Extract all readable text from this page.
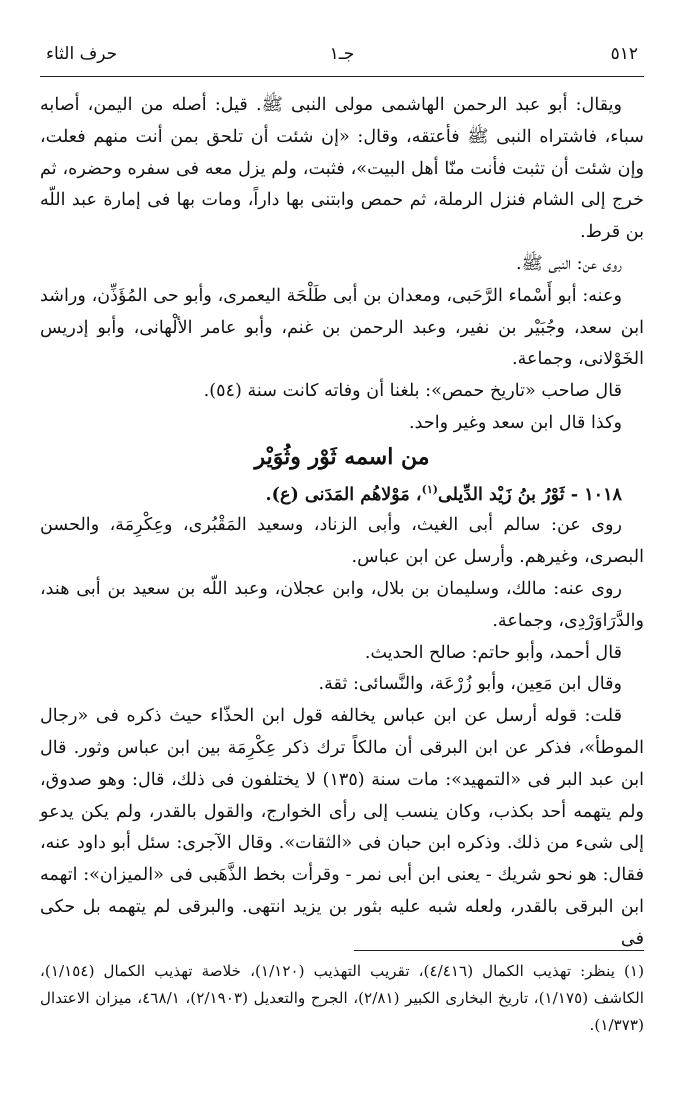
٥١٢
جـ١
حرف الثاء

ويقال: أبو عبد الرحمن الهاشمى مولى النبى ﷺ. قيل: أصله من اليمن، أصابه سباء، فاشتراه النبى ﷺ فأعتقه، وقال: «إن شئت أن تلحق بمن أنت منهم فعلت، وإن شئت أن تثبت فأنت منّا أهل البيت»، فثبت، ولم يزل معه فى سفره وحضره، ثم خرج إلى الشام فنزل الرملة، ثم حمص وابتنى بها داراً، ومات بها فى إمارة عبد اللّه بن قرط.

روى عن: النبى ﷺ.

وعنه: أبو أَسْماء الرَّحَبى، ومعدان بن أبى طَلْحَة اليعمرى، وأبو حى المُؤَذِّن، وراشد ابن سعد، وجُبَيْر بن نفير، وعبد الرحمن بن غنم، وأبو عامر الألْهانى، وأبو إدريس الخَوْلانى، وجماعة.

قال صاحب «تاريخ حمص»: بلغنا أن وفاته كانت سنة (٥٤).

وكذا قال ابن سعد وغير واحد.

من اسمه ثَوْر وثُوَيْر

١٠١٨ - ثَوْرُ بنُ زَيْد الدِّيلى$^{(١)}$، مَوْلاهُم المَدَنى (ع).

روى عن: سالم أبى الغيث، وأبى الزناد، وسعيد المَقْبُرى، وعِكْرِمَة، والحسن البصرى، وغيرهم. وأرسل عن ابن عباس.

روى عنه: مالك، وسليمان بن بلال، وابن عجلان، وعبد اللّه بن سعيد بن أبى هند، والدَّرَاوَرْدِى، وجماعة.

قال أحمد، وأبو حاتم: صالح الحديث.

وقال ابن مَعِين، وأبو زُرْعَة، والنَّسائى: ثقة.

قلت: قوله أرسل عن ابن عباس يخالفه قول ابن الحذّاء حيث ذكره فى «رجال الموطأ»، فذكر عن ابن البرقى أن مالكاً ترك ذكر عِكْرِمَة بين ابن عباس وثور. قال ابن عبد البر فى «التمهيد»: مات سنة (١٣٥) لا يختلفون فى ذلك، قال: وهو صدوق، ولم يتهمه أحد بكذب، وكان ينسب إلى رأى الخوارج، والقول بالقدر، ولم يكن يدعو إلى شىء من ذلك. وذكره ابن حبان فى «الثقات». وقال الآجرى: سئل أبو داود عنه، فقال: هو نحو شريك - يعنى ابن أبى نمر - وقرأت بخط الذَّهَبى فى «الميزان»: اتهمه ابن البرقى بالقدر، ولعله شبه عليه بثور بن يزيد انتهى. والبرقى لم يتهمه بل حكى فى

(١) ينظر: تهذيب الكمال (٤/٤١٦)، تقريب التهذيب (١/١٢٠)، خلاصة تهذيب الكمال (١/١٥٤)، الكاشف (١/١٧٥)، تاريخ البخارى الكبير (٢/٨١)، الجرح والتعديل (٢/١٩٠٣)، ٤٦٨/١، ميزان الاعتدال (١/٣٧٣).
